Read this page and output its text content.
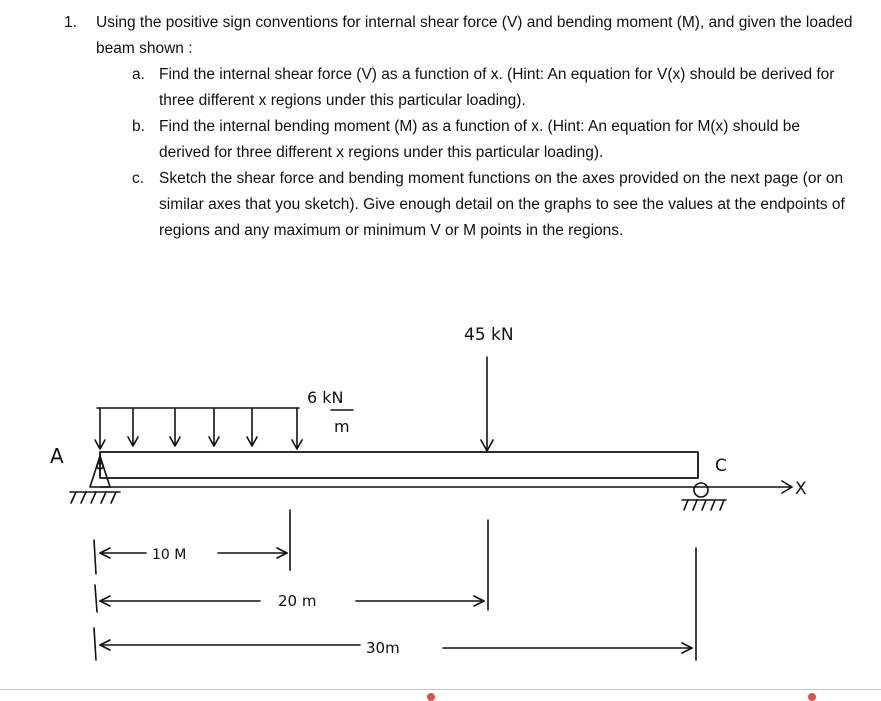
1.	Using the positive sign conventions for internal shear force (V) and bending moment (M), and given the loaded beam shown :
a. Find the internal shear force (V) as a function of x. (Hint: An equation for V(x) should be derived for three different x regions under this particular loading).
b. Find the internal bending moment (M) as a function of x. (Hint: An equation for M(x) should be derived for three different x regions under this particular loading).
c. Sketch the shear force and bending moment functions on the axes provided on the next page (or on similar axes that you sketch). Give enough detail on the graphs to see the values at the endpoints of regions and any maximum or minimum V or M points in the regions.
45 kN
6 kN
m
A	C
X
10 M
20 m
30m
